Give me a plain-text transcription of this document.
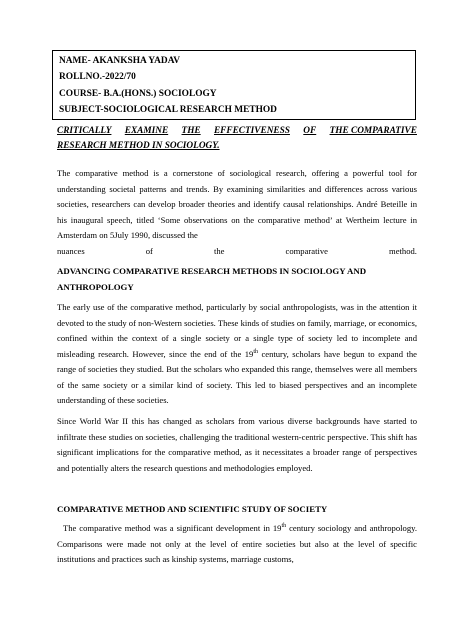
NAME- AKANKSHA YADAV
ROLLNO.-2022/70
COURSE- B.A.(HONS.) SOCIOLOGY
SUBJECT-SOCIOLOGICAL RESEARCH METHOD
CRITICALLY EXAMINE THE EFFECTIVENESS OF THE COMPARATIVE
RESEARCH METHOD IN SOCIOLOGY.
The comparative method is a cornerstone of sociological research, offering a powerful tool for understanding societal patterns and trends. By examining similarities and differences across various societies, researchers can develop broader theories and identify causal relationships. André Beteille in his inaugural speech, titled ‘Some observations on the comparative method’ at Wertheim lecture in Amsterdam on 5July 1990, discussed the
nuances	of	the	comparative	method.
ADVANCING COMPARATIVE RESEARCH METHODS IN SOCIOLOGY AND ANTHROPOLOGY
The early use of the comparative method, particularly by social anthropologists, was in the attention it devoted to the study of non-Western societies. These kinds of studies on family, marriage, or economics, confined within the context of a single society or a single type of society led to incomplete and misleading research. However, since the end of the 19th century, scholars have begun to expand the range of societies they studied. But the scholars who expanded this range, themselves were all members of the same society or a similar kind of society. This led to biased perspectives and an incomplete understanding of these societies.
Since World War II this has changed as scholars from various diverse backgrounds have started to infiltrate these studies on societies, challenging the traditional western-centric perspective. This shift has significant implications for the comparative method, as it necessitates a broader range of perspectives and potentially alters the research questions and methodologies employed.
COMPARATIVE METHOD AND SCIENTIFIC STUDY OF SOCIETY
The comparative method was a significant development in 19th century sociology and anthropology. Comparisons were made not only at the level of entire societies but also at the level of specific institutions and practices such as kinship systems, marriage customs,
